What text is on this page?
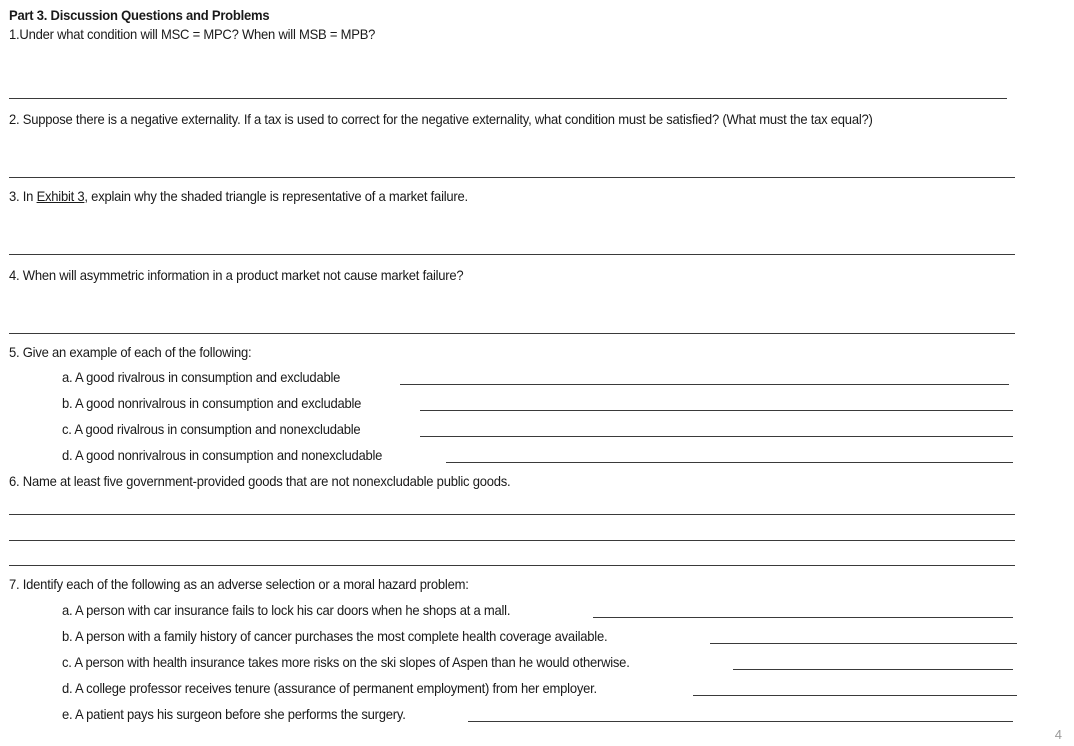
Part 3. Discussion Questions and Problems
1.Under what condition will MSC = MPC? When will MSB = MPB?
2. Suppose there is a negative externality. If a tax is used to correct for the negative externality, what condition must be satisfied? (What must the tax equal?)
3. In Exhibit 3, explain why the shaded triangle is representative of a market failure.
4. When will asymmetric information in a product market not cause market failure?
5. Give an example of each of the following:
a. A good rivalrous in consumption and excludable
b. A good nonrivalrous in consumption and excludable
c. A good rivalrous in consumption and nonexcludable
d. A good nonrivalrous in consumption and nonexcludable
6. Name at least five government-provided goods that are not nonexcludable public goods.
7. Identify each of the following as an adverse selection or a moral hazard problem:
a. A person with car insurance fails to lock his car doors when he shops at a mall.
b. A person with a family history of cancer purchases the most complete health coverage available.
c. A person with health insurance takes more risks on the ski slopes of Aspen than he would otherwise.
d. A college professor receives tenure (assurance of permanent employment) from her employer.
e. A patient pays his surgeon before she performs the surgery.
4
